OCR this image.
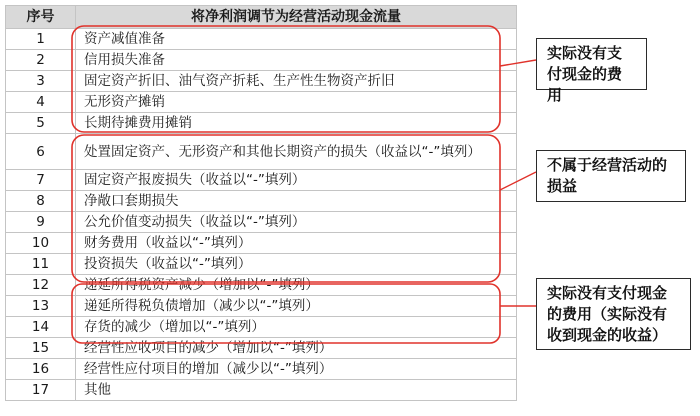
序号	将净利润调节为经营活动现金流量
1	资产减值准备
2	信用损失准备
3	固定资产折旧、油气资产折耗、生产性生物资产折旧
4	无形资产摊销
5	长期待摊费用摊销
6	处置固定资产、无形资产和其他长期资产的损失（收益以“-”填列）
7	固定资产报废损失（收益以“-”填列）
8	净敞口套期损失
9	公允价值变动损失（收益以“-”填列）
10	财务费用（收益以“-”填列）
11	投资损失（收益以“-”填列）
12	递延所得税资产减少（增加以“-”填列）
13	递延所得税负债增加（减少以“-”填列）
14	存货的减少（增加以“-”填列）
15	经营性应收项目的减少（增加以“-”填列）
16	经营性应付项目的增加（减少以“-”填列）
17	其他
实际没有支付现金的费用
不属于经营活动的损益
实际没有支付现金的费用（实际没有收到现金的收益）
